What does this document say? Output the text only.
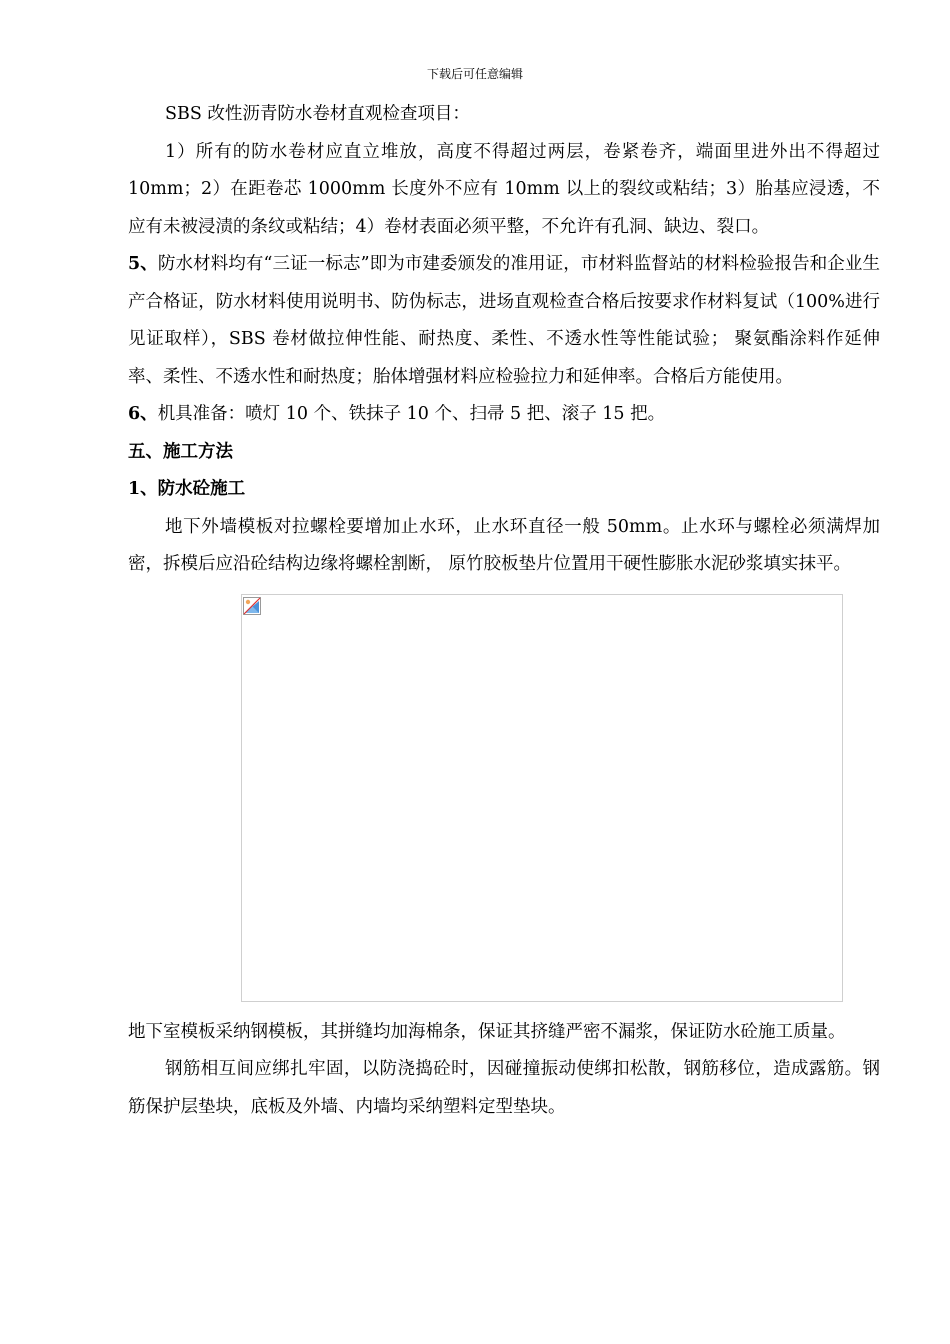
下载后可任意编辑

SBS 改性沥青防水卷材直观检查项目：

1）所有的防水卷材应直立堆放，高度不得超过两层，卷紧卷齐，端面里进外出不得超过 10mm；2）在距卷芯 1000mm 长度外不应有 10mm 以上的裂纹或粘结；3）胎基应浸透，不应有未被浸渍的条纹或粘结；4）卷材表面必须平整，不允许有孔洞、缺边、裂口。

5、防水材料均有“三证一标志”即为市建委颁发的准用证，市材料监督站的材料检验报告和企业生产合格证，防水材料使用说明书、防伪标志，进场直观检查合格后按要求作材料复试（100%进行见证取样），SBS 卷材做拉伸性能、耐热度、柔性、不透水性等性能试验； 聚氨酯涂料作延伸率、柔性、不透水性和耐热度；胎体增强材料应检验拉力和延伸率。合格后方能使用。

6、机具准备：喷灯 10 个、铁抹子 10 个、扫帚 5 把、滚子 15 把。

五、施工方法

1、防水砼施工

地下外墙模板对拉螺栓要增加止水环，止水环直径一般 50mm。止水环与螺栓必须满焊加密，拆模后应沿砼结构边缘将螺栓割断， 原竹胶板垫片位置用干硬性膨胀水泥砂浆填实抹平。

地下室模板采纳钢模板，其拼缝均加海棉条，保证其挤缝严密不漏浆，保证防水砼施工质量。

钢筋相互间应绑扎牢固，以防浇捣砼时，因碰撞振动使绑扣松散，钢筋移位，造成露筋。钢筋保护层垫块，底板及外墙、内墙均采纳塑料定型垫块。
